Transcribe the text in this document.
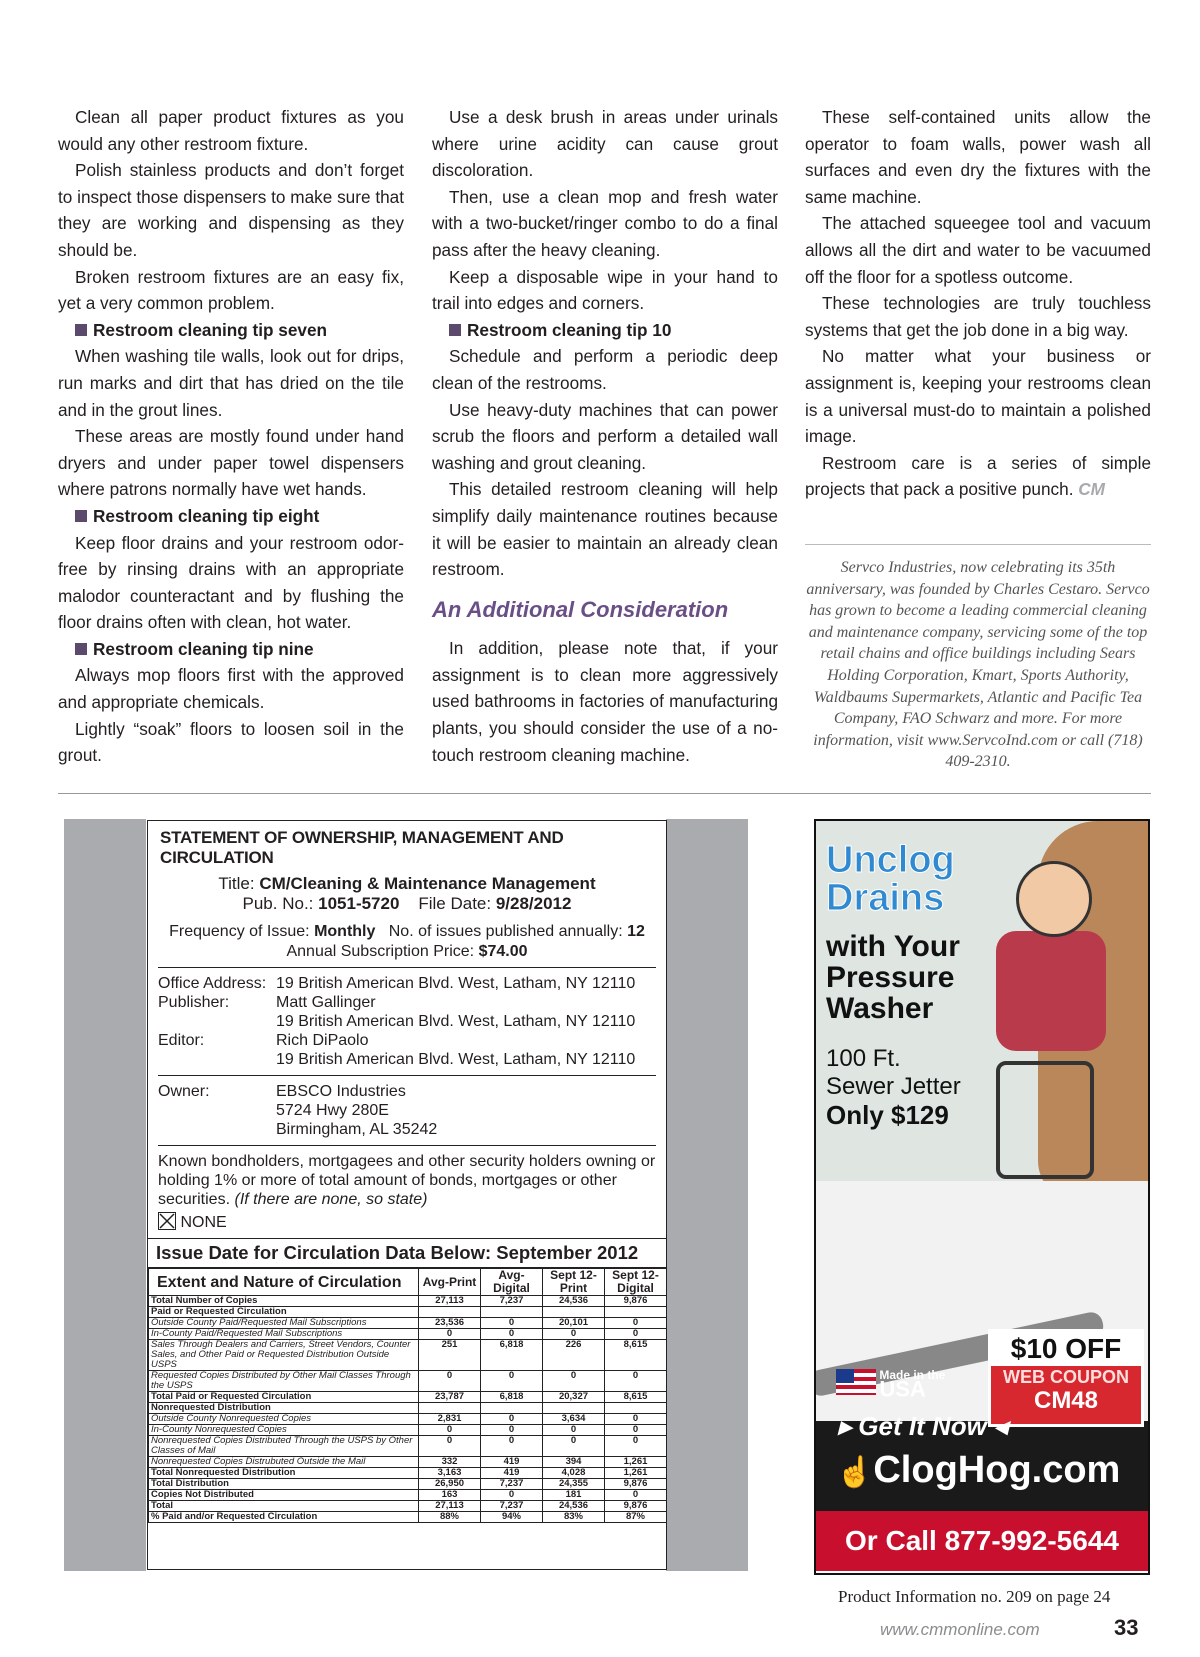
Clean all paper product fixtures as you would any other restroom fixture.

Polish stainless products and don’t forget to inspect those dispensers to make sure that they are working and dispensing as they should be.

Broken restroom fixtures are an easy fix, yet a very common problem.

Restroom cleaning tip seven

When washing tile walls, look out for drips, run marks and dirt that has dried on the tile and in the grout lines.

These areas are mostly found under hand dryers and under paper towel dispensers where patrons normally have wet hands.

Restroom cleaning tip eight

Keep floor drains and your restroom odor-free by rinsing drains with an appropriate malodor counteractant and by flushing the floor drains often with clean, hot water.

Restroom cleaning tip nine

Always mop floors first with the approved and appropriate chemicals.

Lightly “soak” floors to loosen soil in the grout.

Use a desk brush in areas under urinals where urine acidity can cause grout discoloration.

Then, use a clean mop and fresh water with a two-bucket/ringer combo to do a final pass after the heavy cleaning.

Keep a disposable wipe in your hand to trail into edges and corners.

Restroom cleaning tip 10

Schedule and perform a periodic deep clean of the restrooms.

Use heavy-duty machines that can power scrub the floors and perform a detailed wall washing and grout cleaning.

This detailed restroom cleaning will help simplify daily maintenance routines because it will be easier to maintain an already clean restroom.

An Additional Consideration

In addition, please note that, if your assignment is to clean more aggressively used bathrooms in factories of manufacturing plants, you should consider the use of a no-touch restroom cleaning machine.

These self-contained units allow the operator to foam walls, power wash all surfaces and even dry the fixtures with the same machine.

The attached squeegee tool and vacuum allows all the dirt and water to be vacuumed off the floor for a spotless outcome.

These technologies are truly touchless systems that get the job done in a big way.

No matter what your business or assignment is, keeping your restrooms clean is a universal must-do to maintain a polished image.

Restroom care is a series of simple projects that pack a positive punch. CM

Servco Industries, now celebrating its 35th anniversary, was founded by Charles Cestaro. Servco has grown to become a leading commercial cleaning and maintenance company, servicing some of the top retail chains and office buildings including Sears Holding Corporation, Kmart, Sports Authority, Waldbaums Supermarkets, Atlantic and Pacific Tea Company, FAO Schwarz and more. For more information, visit www.ServcoInd.com or call (718) 409-2310.
STATEMENT OF OWNERSHIP, MANAGEMENT AND CIRCULATION
Title: CM/Cleaning & Maintenance Management
Pub. No.: 1051-5720 File Date: 9/28/2012
Frequency of Issue: Monthly No. of issues published annually: 12
Annual Subscription Price: $74.00
Office Address: 19 British American Blvd. West, Latham, NY 12110
Publisher:	Matt Gallinger
19 British American Blvd. West, Latham, NY 12110
Editor:	Rich DiPaolo
19 British American Blvd. West, Latham, NY 12110
Owner:	EBSCO Industries
5724 Hwy 280E
Birmingham, AL 35242
Known bondholders, mortgagees and other security holders owning or holding 1% or more of total amount of bonds, mortgages or other securities. (If there are none, so state)
NONE
Issue Date for Circulation Data Below: September 2012
Extent and Nature of Circulation	Avg-Print	Avg-Digital	Sept 12-Print	Sept 12-Digital
Total Number of Copies	27,113	7,237	24,536	9,876
Paid or Requested Circulation				
Outside County Paid/Requested Mail Subscriptions	23,536	0	20,101	0
In-County Paid/Requested Mail Subscriptions	0	0	0	0
Sales Through Dealers and Carriers, Street Vendors, Counter Sales, and Other Paid or Requested Distribution Outside USPS	251	6,818	226	8,615
Requested Copies Distributed by Other Mail Classes Through the USPS	0	0	0	0
Total Paid or Requested Circulation	23,787	6,818	20,327	8,615
Nonrequested Distribution				
Outside County Nonrequested Copies	2,831	0	3,634	0
In-County Nonrequested Copies	0	0	0	0
Nonrequested Copies Distributed Through the USPS by Other Classes of Mail	0	0	0	0
Nonrequested Copies Distrubuted Outside the Mail	332	419	394	1,261
Total Nonrequested Distribution	3,163	419	4,028	1,261
Total Distribution	26,950	7,237	24,355	9,876
Copies Not Distributed	163	0	181	0
Total	27,113	7,237	24,536	9,876
% Paid and/or Requested Circulation	88%	94%	83%	87%
Unclog
Drains
with Your
Pressure
Washer
100 Ft.
Sewer Jetter
Only $129
Made in the
USA
$10 OFF
WEB COUPON
CM48
▸ Get It Now ◂
☝ClogHog.com
Or Call 877-992-5644
Product Information no. 209 on page 24
www.cmmonline.com	33
